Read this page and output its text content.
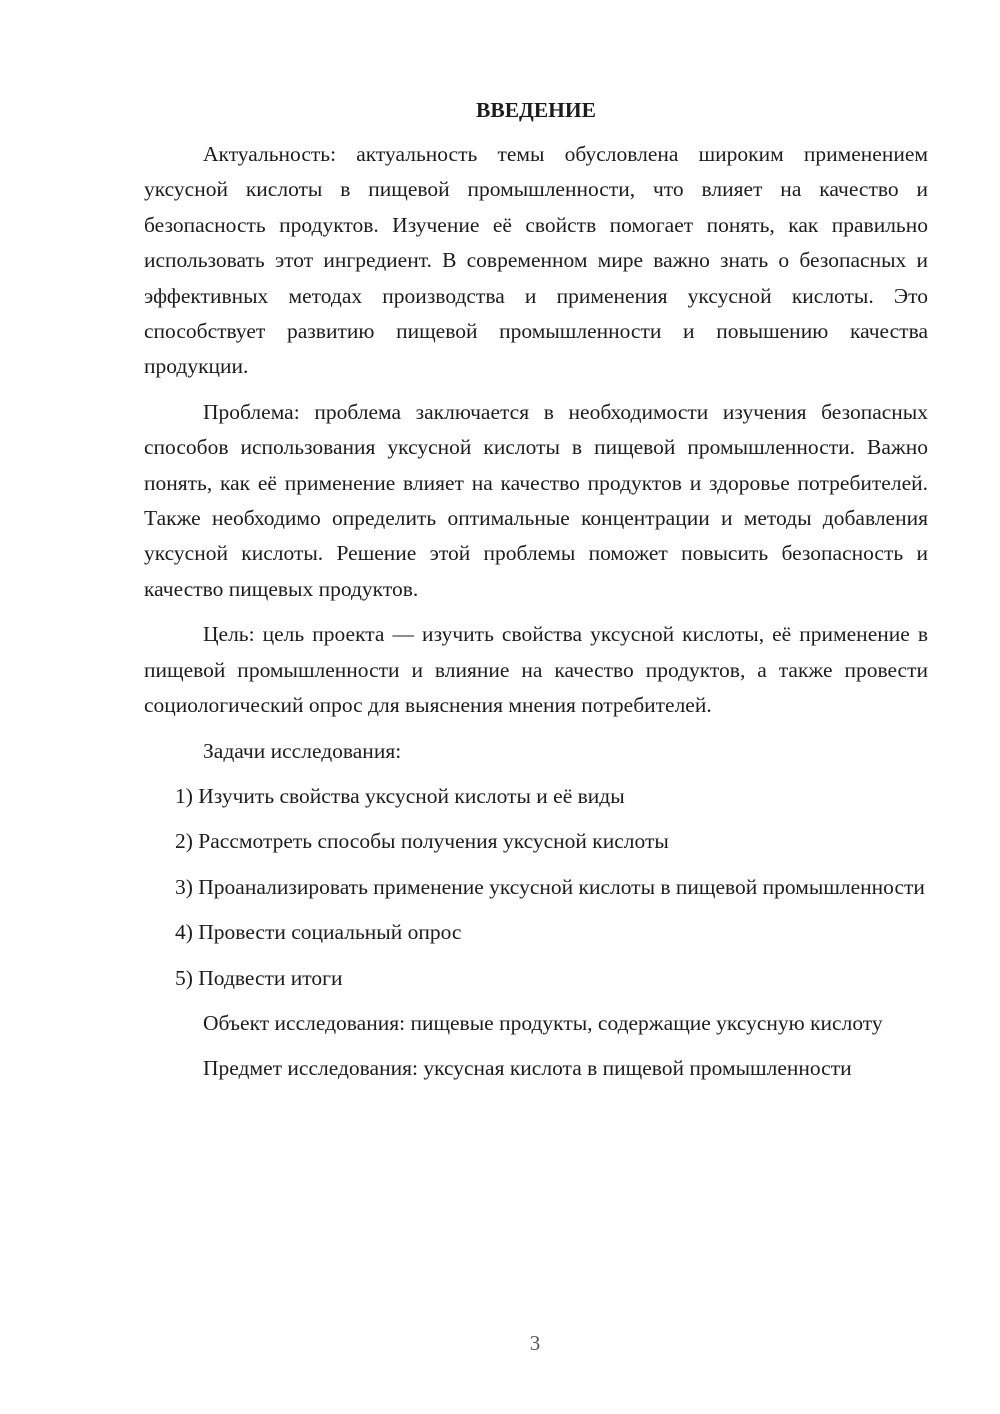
ВВЕДЕНИЕ

Актуальность: актуальность темы обусловлена широким применением уксусной кислоты в пищевой промышленности, что влияет на качество и безопасность продуктов. Изучение её свойств помогает понять, как правильно использовать этот ингредиент. В современном мире важно знать о безопасных и эффективных методах производства и применения уксусной кислоты. Это способствует развитию пищевой промышленности и повышению качества продукции.

Проблема: проблема заключается в необходимости изучения безопасных способов использования уксусной кислоты в пищевой промышленности. Важно понять, как её применение влияет на качество продуктов и здоровье потребителей. Также необходимо определить оптимальные концентрации и методы добавления уксусной кислоты. Решение этой проблемы поможет повысить безопасность и качество пищевых продуктов.

Цель: цель проекта — изучить свойства уксусной кислоты, её применение в пищевой промышленности и влияние на качество продуктов, а также провести социологический опрос для выяснения мнения потребителей.

Задачи исследования:

1) Изучить свойства уксусной кислоты и её виды

2) Рассмотреть способы получения уксусной кислоты

3) Проанализировать применение уксусной кислоты в пищевой промышленности

4) Провести социальный опрос

5) Подвести итоги

Объект исследования: пищевые продукты, содержащие уксусную кислоту

Предмет исследования: уксусная кислота в пищевой промышленности

3
